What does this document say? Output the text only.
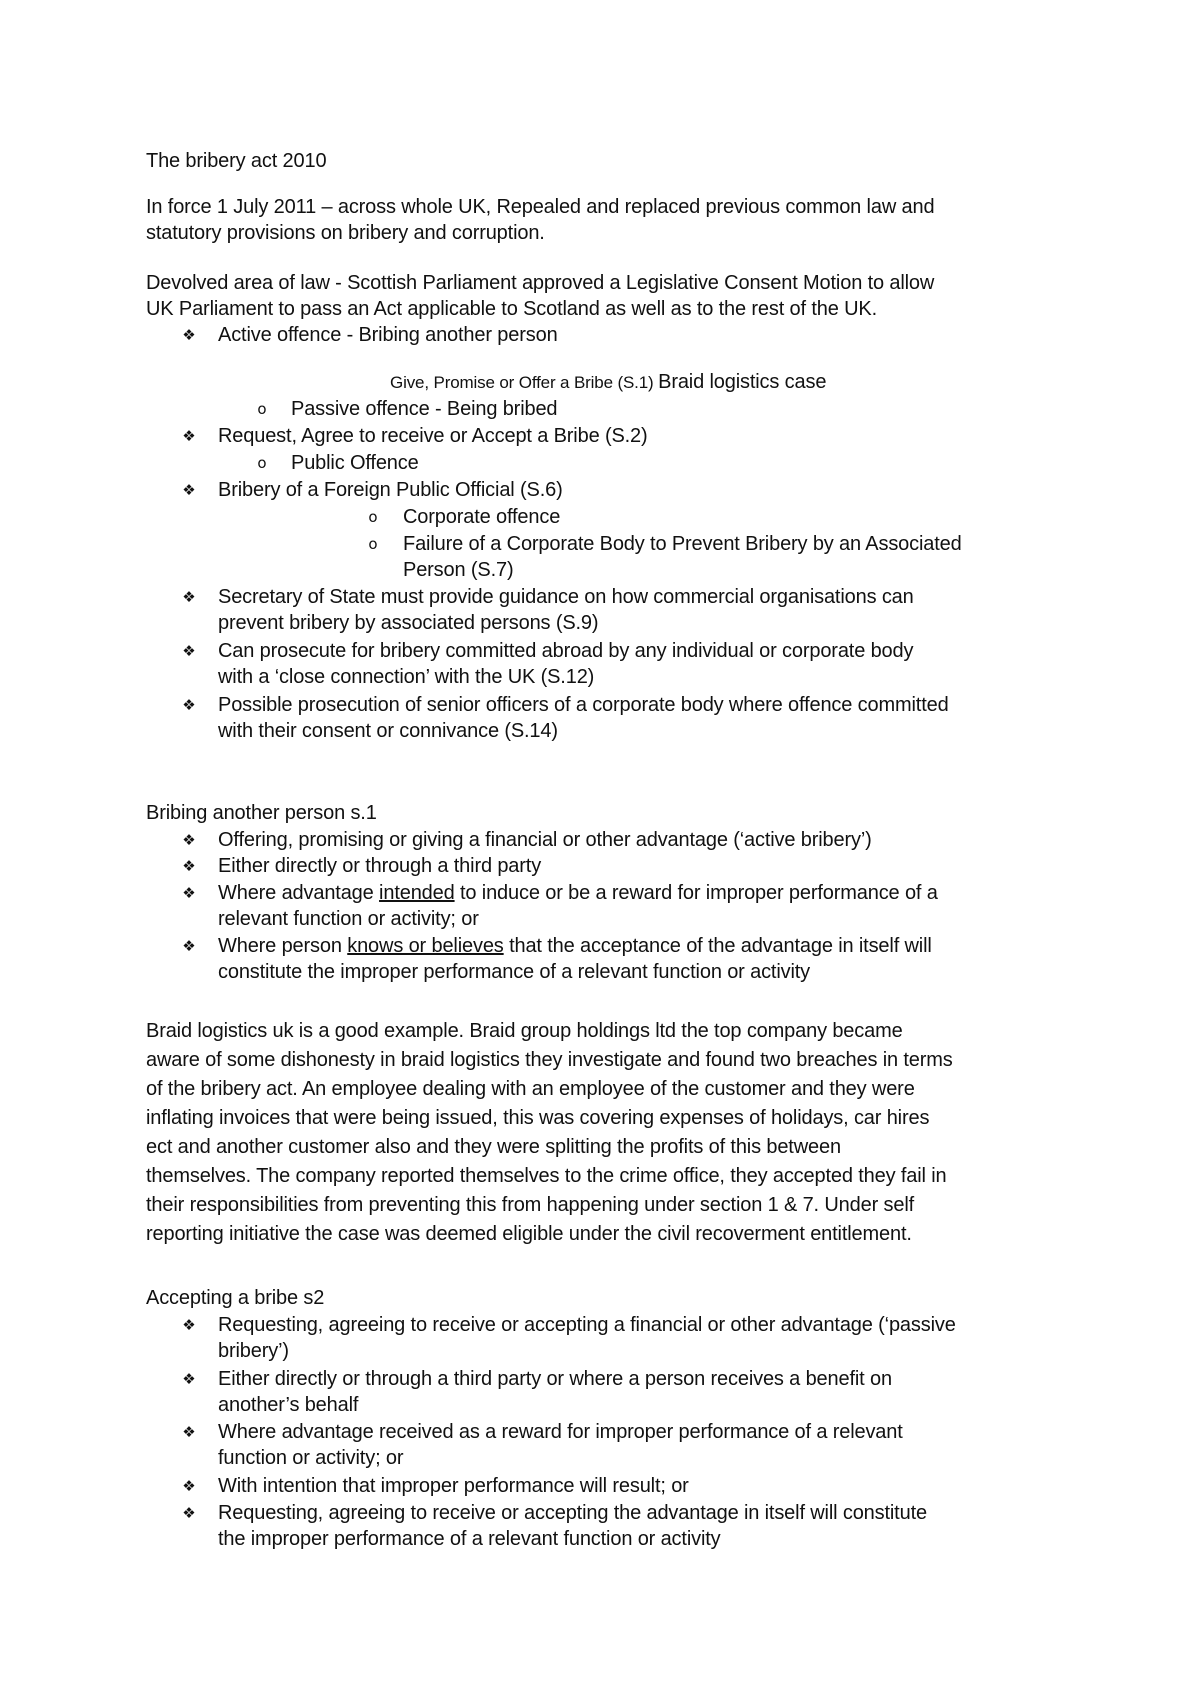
The bribery act 2010
In force 1 July 2011 – across whole UK, Repealed and replaced previous common law and
statutory provisions on bribery and corruption.
Devolved area of law - Scottish Parliament approved a Legislative Consent Motion to allow
UK Parliament to pass an Act applicable to Scotland as well as to the rest of the UK.
❖ Active offence - Bribing another person
Give, Promise or Offer a Bribe (S.1) Braid logistics case
o Passive offence - Being bribed
❖ Request, Agree to receive or Accept a Bribe (S.2)
o Public Offence
❖ Bribery of a Foreign Public Official (S.6)
o Corporate offence
o Failure of a Corporate Body to Prevent Bribery by an Associated
Person (S.7)
❖ Secretary of State must provide guidance on how commercial organisations can
prevent bribery by associated persons (S.9)
❖ Can prosecute for bribery committed abroad by any individual or corporate body
with a ‘close connection’ with the UK (S.12)
❖ Possible prosecution of senior officers of a corporate body where offence committed
with their consent or connivance (S.14)
Bribing another person s.1
❖ Offering, promising or giving a financial or other advantage (‘active bribery’)
❖ Either directly or through a third party
❖ Where advantage intended to induce or be a reward for improper performance of a
relevant function or activity; or
❖ Where person knows or believes that the acceptance of the advantage in itself will
constitute the improper performance of a relevant function or activity
Braid logistics uk is a good example. Braid group holdings ltd the top company became
aware of some dishonesty in braid logistics they investigate and found two breaches in terms
of the bribery act. An employee dealing with an employee of the customer and they were
inflating invoices that were being issued, this was covering expenses of holidays, car hires
ect and another customer also and they were splitting the profits of this between
themselves. The company reported themselves to the crime office, they accepted they fail in
their responsibilities from preventing this from happening under section 1 & 7. Under self
reporting initiative the case was deemed eligible under the civil recoverment entitlement.
Accepting a bribe s2
❖ Requesting, agreeing to receive or accepting a financial or other advantage (‘passive
bribery’)
❖ Either directly or through a third party or where a person receives a benefit on
another’s behalf
❖ Where advantage received as a reward for improper performance of a relevant
function or activity; or
❖ With intention that improper performance will result; or
❖ Requesting, agreeing to receive or accepting the advantage in itself will constitute
the improper performance of a relevant function or activity
